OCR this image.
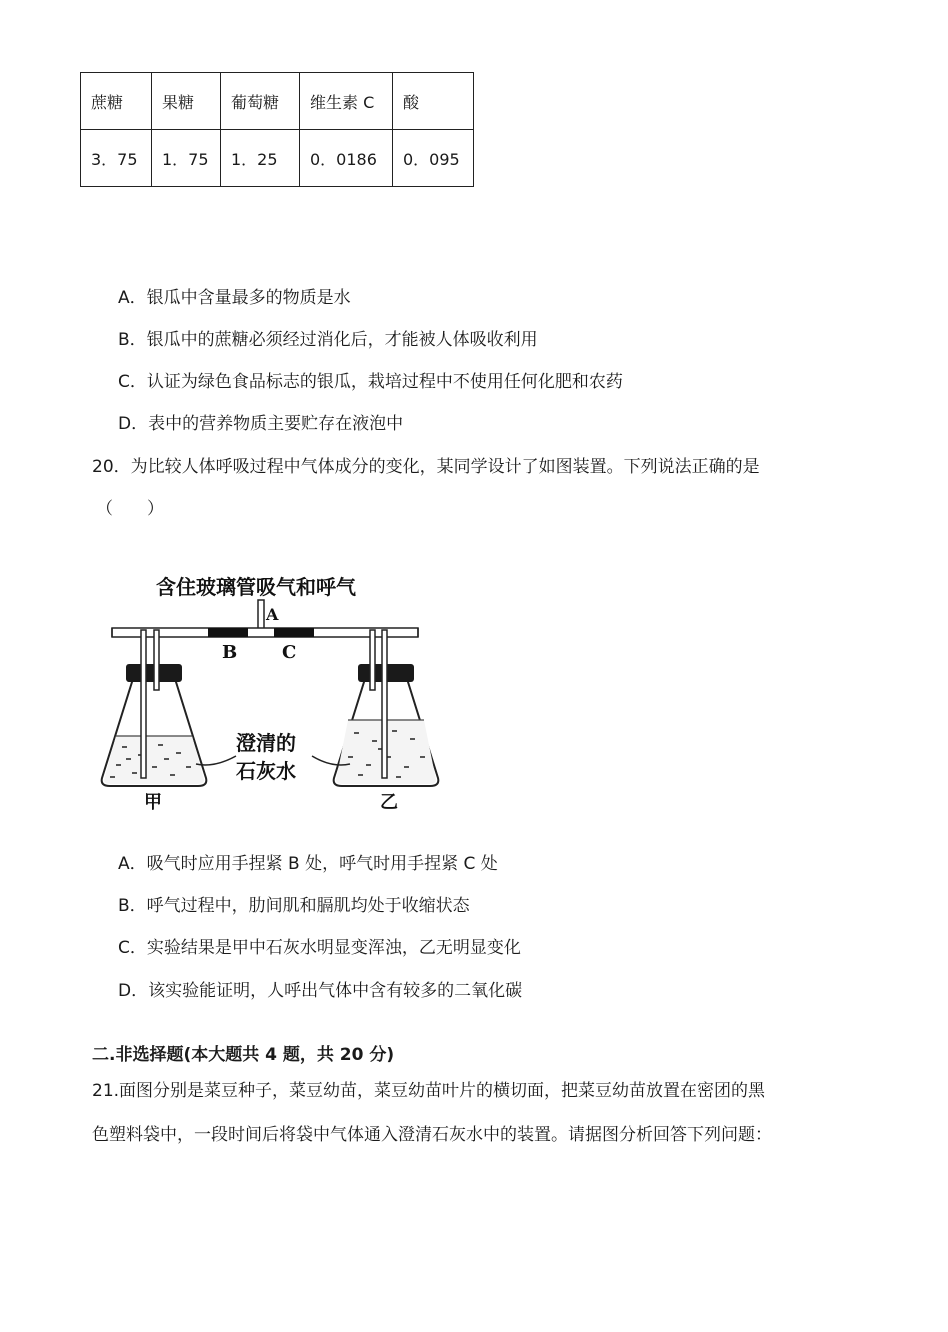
蔗糖	果糖	葡萄糖	维生素 C	酸
3．75	1．75	1．25	0．0186	0．095
A．银瓜中含量最多的物质是水
B．银瓜中的蔗糖必须经过消化后，才能被人体吸收利用
C．认证为绿色食品标志的银瓜，栽培过程中不使用任何化肥和农药
D．表中的营养物质主要贮存在液泡中
20．为比较人体呼吸过程中气体成分的变化，某同学设计了如图装置。下列说法正确的是
（　　）
含住玻璃管吸气和呼气
A
B C
澄清的
石灰水
甲	乙
A．吸气时应用手捏紧 B 处，呼气时用手捏紧 C 处
B．呼气过程中，肋间肌和膈肌均处于收缩状态
C．实验结果是甲中石灰水明显变浑浊，乙无明显变化
D．该实验能证明，人呼出气体中含有较多的二氧化碳
二.非选择题(本大题共 4 题，共 20 分)
21.面图分别是菜豆种子，菜豆幼苗，菜豆幼苗叶片的横切面，把菜豆幼苗放置在密团的黑
色塑料袋中，一段时间后将袋中气体通入澄清石灰水中的装置。请据图分析回答下列问题：
